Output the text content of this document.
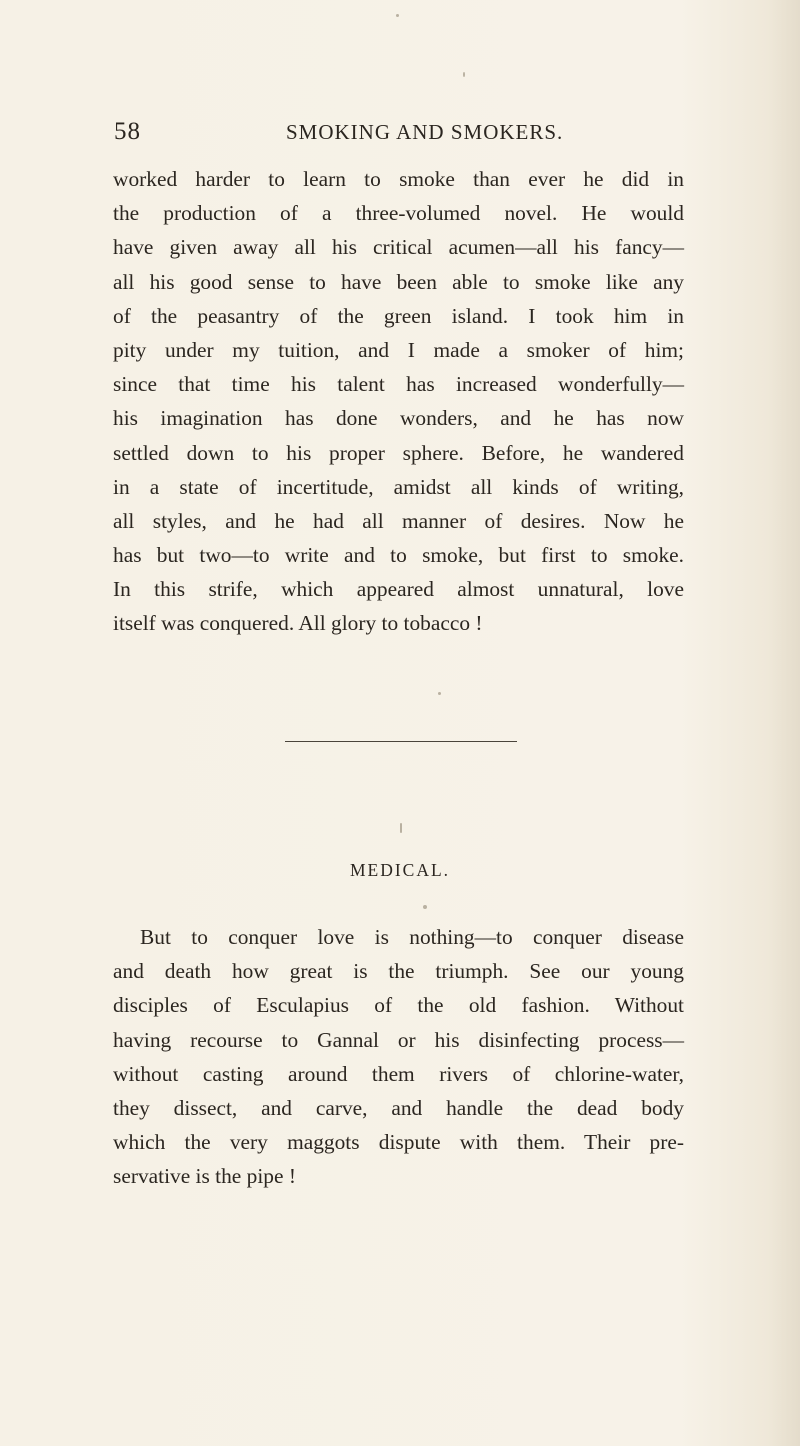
58	SMOKING AND SMOKERS.
worked harder to learn to smoke than ever he did in
the production of a three-volumed novel. He would
have given away all his critical acumen—all his fancy—
all his good sense to have been able to smoke like any
of the peasantry of the green island. I took him in
pity under my tuition, and I made a smoker of him;
since that time his talent has increased wonderfully—
his imagination has done wonders, and he has now
settled down to his proper sphere. Before, he wandered
in a state of incertitude, amidst all kinds of writing,
all styles, and he had all manner of desires. Now he
has but two—to write and to smoke, but first to smoke.
In this strife, which appeared almost unnatural, love
itself was conquered. All glory to tobacco !
MEDICAL.
But to conquer love is nothing—to conquer disease
and death how great is the triumph. See our young
disciples of Esculapius of the old fashion. Without
having recourse to Gannal or his disinfecting process—
without casting around them rivers of chlorine-water,
they dissect, and carve, and handle the dead body
which the very maggots dispute with them. Their pre-
servative is the pipe !
